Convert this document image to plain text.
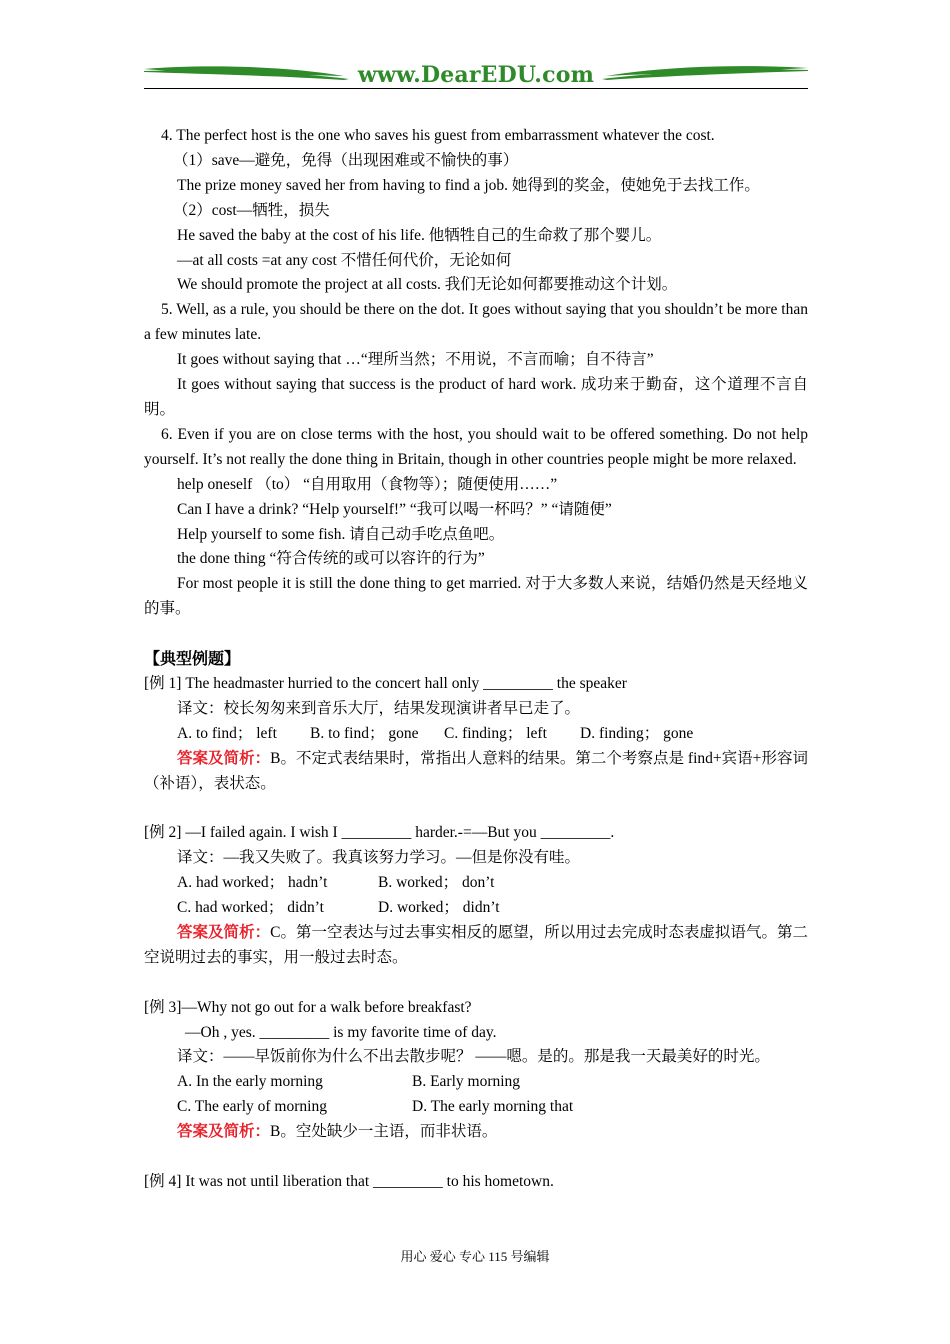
www.DearEDU.com

4. The perfect host is the one who saves his guest from embarrassment whatever the cost.

（1）save—避免，免得（出现困难或不愉快的事）

The prize money saved her from having to find a job. 她得到的奖金，使她免于去找工作。

（2）cost—牺牲，损失

He saved the baby at the cost of his life. 他牺牲自己的生命救了那个婴儿。

—at all costs =at any cost 不惜任何代价，无论如何

We should promote the project at all costs. 我们无论如何都要推动这个计划。

5. Well, as a rule, you should be there on the dot. It goes without saying that you shouldn’t be more than a few minutes late.

It goes without saying that …“理所当然；不用说，不言而喻；自不待言”

It goes without saying that success is the product of hard work. 成功来于勤奋，这个道理不言自明。

6. Even if you are on close terms with the host, you should wait to be offered something. Do not help yourself. It’s not really the done thing in Britain, though in other countries people might be more relaxed.

help oneself （to） “自用取用（食物等）；随便使用……”

Can I have a drink? “Help yourself!” “我可以喝一杯吗？” “请随便”

Help yourself to some fish. 请自己动手吃点鱼吧。

the done thing “符合传统的或可以容许的行为”

For most people it is still the done thing to get married. 对于大多数人来说，结婚仍然是天经地义的事。

【典型例题】

[例 1] The headmaster hurried to the concert hall only _________ the speaker

译文：校长匆匆来到音乐大厅，结果发现演讲者早已走了。

A. to find； left B. to find； gone C. finding； left D. finding； gone

答案及简析：B。不定式表结果时，常指出人意料的结果。第二个考察点是 find+宾语+形容词（补语），表状态。

[例 2] —I failed again. I wish I _________ harder.-=—But you _________.

译文：—我又失败了。我真该努力学习。—但是你没有哇。

A. had worked； hadn’t	B. worked； don’t

C. had worked； didn’t	D. worked； didn’t

答案及简析：C。第一空表达与过去事实相反的愿望，所以用过去完成时态表虚拟语气。第二空说明过去的事实，用一般过去时态。

[例 3]—Why not go out for a walk before breakfast?

—Oh , yes. _________ is my favorite time of day.

译文：——早饭前你为什么不出去散步呢？ ——嗯。是的。那是我一天最美好的时光。

A. In the early morning	B. Early morning

C. The early of morning	D. The early morning that

答案及简析：B。空处缺少一主语，而非状语。

[例 4] It was not until liberation that _________ to his hometown.

用心 爱心 专心 115 号编辑
